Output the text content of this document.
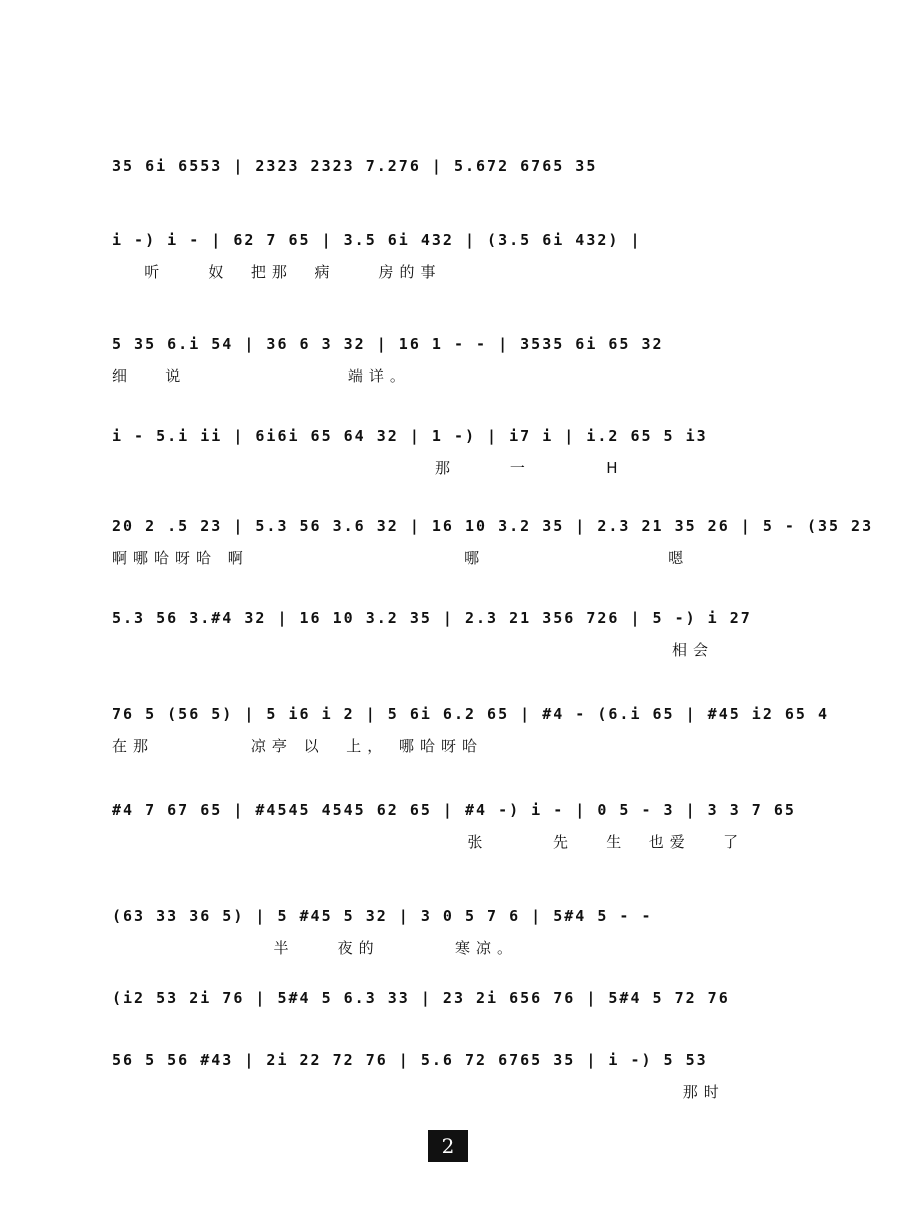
35 6i 6553 | 2323 2323 7.276 | 5.672 6765 35
i -) i - | 62 7 65 | 3.5 6i 432 | (3.5 6i 432) |
听    奴  把那  病    房的事
5 35 6.i 54 | 36 6 3 32 | 16 1 - - | 3535 6i 65 32
细   说               端详。
i - 5.i ii | 6i6i 65 64 32 | 1 -) | i7 i | i.2 65 5 i3
那     一       H
20 2 .5 23 | 5.3 56 3.6 32 | 16 10 3.2 35 | 2.3 21 35 26 | 5 - (35 23
啊哪哈呀哈 啊                    哪                 嗯
5.3 56 3.#4 32 | 16 10 3.2 35 | 2.3 21 356 726 | 5 -) i 27
相会
76 5 (56 5) | 5 i6 i 2 | 5 6i 6.2 65 | #4 - (6.i 65 | #45 i2 65 4
在那         凉亭 以  上， 哪哈呀哈
#4 7 67 65 | #4545 4545 62 65 | #4 -) i - | 0 5 - 3 | 3 3 7 65
张      先   生  也爱   了
(63 33 36 5) | 5 #45 5 32 | 3 0 5 7 6 | 5#4 5 - -
半    夜的       寒凉。
(i2 53 2i 76 | 5#4 5 6.3 33 | 23 2i 656 76 | 5#4 5 72 76
56 5 56 #43 | 2i 22 72 76 | 5.6 72 6765 35 | i -) 5 53
那时
2
